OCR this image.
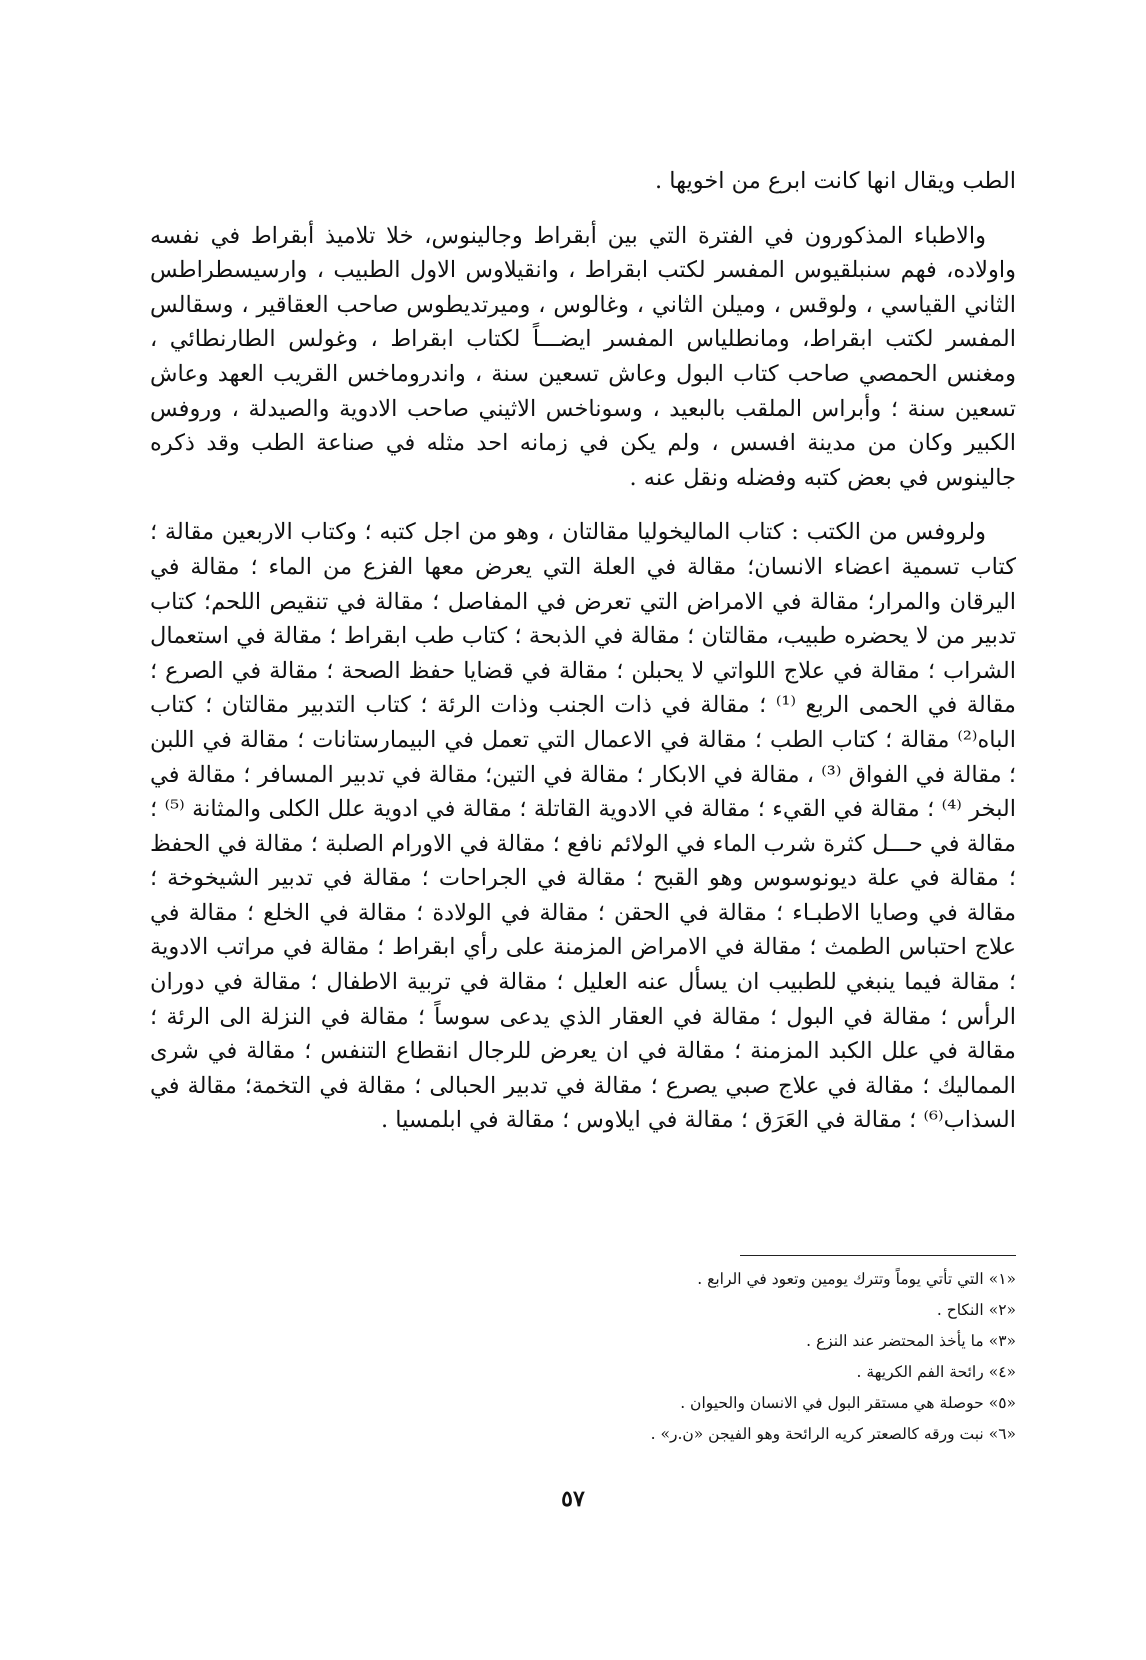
الطب ويقال انها كانت ابرع من اخويها .

والاطباء المذكورون في الفترة التي بين أبقراط وجالينوس، خلا تلاميذ أبقراط في نفسه واولاده، فهم سنبلقيوس المفسر لكتب ابقراط ، وانقيلاوس الاول الطبيب ، وارسيسطراطس الثاني القياسي ، ولوقس ، وميلن الثاني ، وغالوس ، وميرتديطوس صاحب العقاقير ، وسقالس المفسر لكتب ابقراط، ومانطلياس المفسر ايضـــاً لكتاب ابقراط ، وغولس الطارنطائي ، ومغنس الحمصي صاحب كتاب البول وعاش تسعين سنة ، واندروماخس القريب العهد وعاش تسعين سنة ؛ وأبراس الملقب بالبعيد ، وسوناخس الاثيني صاحب الادوية والصيدلة ، وروفس الكبير وكان من مدينة افسس ، ولم يكن في زمانه احد مثله في صناعة الطب وقد ذكره جالينوس في بعض كتبه وفضله ونقل عنه .

ولروفس من الكتب : كتاب الماليخوليا مقالتان ، وهو من اجل كتبه ؛ وكتاب الاربعين مقالة ؛ كتاب تسمية اعضاء الانسان؛ مقالة في العلة التي يعرض معها الفزع من الماء ؛ مقالة في اليرقان والمرار؛ مقالة في الامراض التي تعرض في المفاصل ؛ مقالة في تنقيص اللحم؛ كتاب تدبير من لا يحضره طبيب، مقالتان ؛ مقالة في الذبحة ؛ كتاب طب ابقراط ؛ مقالة في استعمال الشراب ؛ مقالة في علاج اللواتي لا يحبلن ؛ مقالة في قضايا حفظ الصحة ؛ مقالة في الصرع ؛ مقالة في الحمى الربع ⁽¹⁾ ؛ مقالة في ذات الجنب وذات الرئة ؛ كتاب التدبير مقالتان ؛ كتاب الباه⁽²⁾ مقالة ؛ كتاب الطب ؛ مقالة في الاعمال التي تعمل في البيمارستانات ؛ مقالة في اللبن ؛ مقالة في الفواق ⁽³⁾ ، مقالة في الابكار ؛ مقالة في التين؛ مقالة في تدبير المسافر ؛ مقالة في البخر ⁽⁴⁾ ؛ مقالة في القيء ؛ مقالة في الادوية القاتلة ؛ مقالة في ادوية علل الكلى والمثانة ⁽⁵⁾ ؛ مقالة في حـــل كثرة شرب الماء في الولائم نافع ؛ مقالة في الاورام الصلبة ؛ مقالة في الحفظ ؛ مقالة في علة ديونوسوس وهو القبح ؛ مقالة في الجراحات ؛ مقالة في تدبير الشيخوخة ؛ مقالة في وصايا الاطبـاء ؛ مقالة في الحقن ؛ مقالة في الولادة ؛ مقالة في الخلع ؛ مقالة في علاج احتباس الطمث ؛ مقالة في الامراض المزمنة على رأي ابقراط ؛ مقالة في مراتب الادوية ؛ مقالة فيما ينبغي للطبيب ان يسأل عنه العليل ؛ مقالة في تربية الاطفال ؛ مقالة في دوران الرأس ؛ مقالة في البول ؛ مقالة في العقار الذي يدعى سوساً ؛ مقالة في النزلة الى الرئة ؛ مقالة في علل الكبد المزمنة ؛ مقالة في ان يعرض للرجال انقطاع التنفس ؛ مقالة في شرى المماليك ؛ مقالة في علاج صبي يصرع ؛ مقالة في تدبير الحبالى ؛ مقالة في التخمة؛ مقالة في السذاب⁽⁶⁾ ؛ مقالة في العَرَق ؛ مقالة في ايلاوس ؛ مقالة في ابلمسيا .

«١»التي تأتي يوماً وتترك يومين وتعود في الرابع .
«٢»النكاح .
«٣»ما يأخذ المحتضر عند النزع .
«٤»رائحة الفم الكريهة .
«٥»حوصلة هي مستقر البول في الانسان والحيوان .
«٦»نبت ورقه كالصعتر كريه الرائحة وهو الفيجن «ن.ر» .
٥٧
